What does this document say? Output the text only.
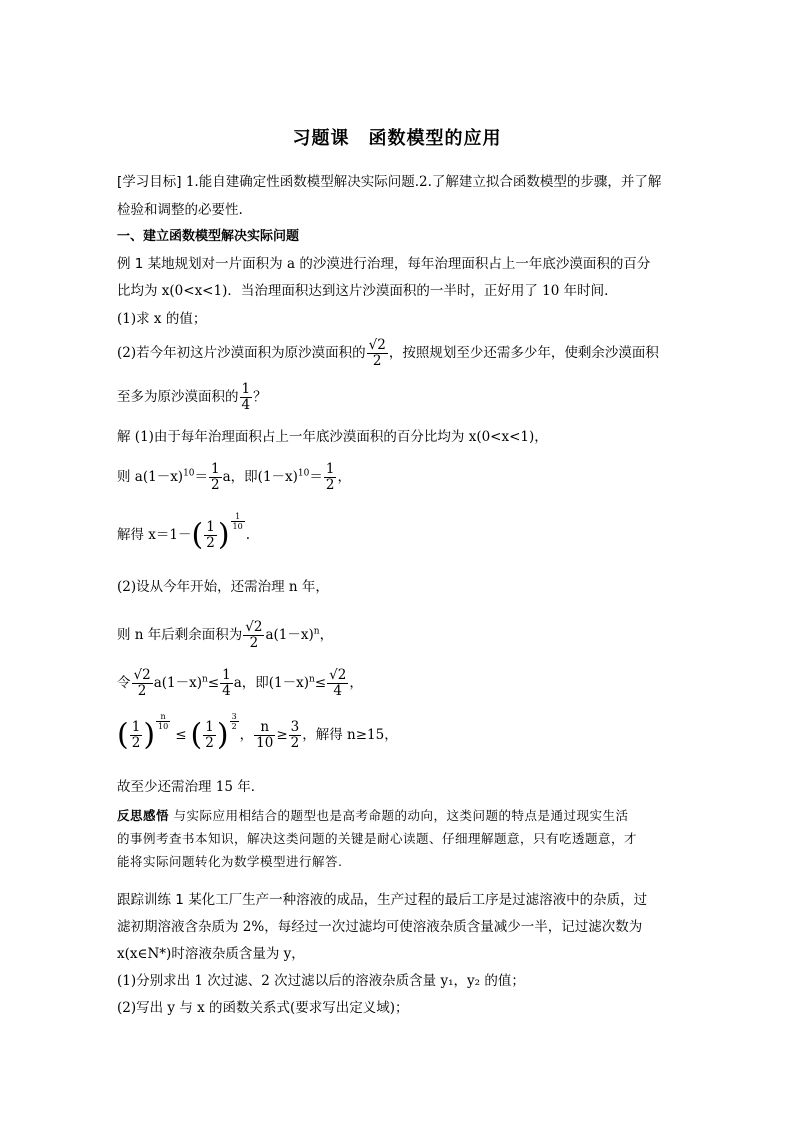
习题课　函数模型的应用
[学习目标] 1.能自建确定性函数模型解决实际问题.2.了解建立拟合函数模型的步骤，并了解
检验和调整的必要性.
一、建立函数模型解决实际问题
例 1 某地规划对一片面积为 a 的沙漠进行治理，每年治理面积占上一年底沙漠面积的百分
比均为 x(0<x<1)．当治理面积达到这片沙漠面积的一半时，正好用了 10 年时间.
(1)求 x 的值；
(2)若今年初这片沙漠面积为原沙漠面积的 $\frac{√2}{2}$ ，按照规划至少还需多少年，使剩余沙漠面积
至多为原沙漠面积的 $\frac{1}{4}$ ？
解 (1)由于每年治理面积占上一年底沙漠面积的百分比均为 x(0<x<1)，
则 $a(1-x)^{10}= \frac{1}{2}$ a，即$(1-x)^{10}= \frac{1}{2}$ ，
解得 $x=1-( \frac{1}{2}$ ) $^{\frac{1}{10}}$
.
(2)设从今年开始，还需治理 n 年，
则 n 年后剩余面积为 $\frac{√2}{2} a(1-x)^n$，
令 $\frac{√2}{2} a(1-x)^n\le \frac{1}{4}$ a，即$(1-x)^n\le \frac{√2}{4}$ ，
( $\frac{1}{2}$ ) $^{\frac{n}{10}}$
≤ ( $\frac{1}{2}$ ) $^{\frac{3}{2}}$
， $\frac{n}{10} \ge \frac{3}{2}$ ，解得 n≥15，
故至少还需治理 15 年．
反思感悟 与实际应用相结合的题型也是高考命题的动向，这类问题的特点是通过现实生活
的事例考查书本知识，解决这类问题的关键是耐心读题、仔细理解题意，只有吃透题意，才
能将实际问题转化为数学模型进行解答.
跟踪训练 1 某化工厂生产一种溶液的成品，生产过程的最后工序是过滤溶液中的杂质，过
滤初期溶液含杂质为 2%，每经过一次过滤均可使溶液杂质含量减少一半，记过滤次数为
x(x∈N*)时溶液杂质含量为 y，
(1)分别求出 1 次过滤、2 次过滤以后的溶液杂质含量 y₁，y₂ 的值；
(2)写出 y 与 x 的函数关系式(要求写出定义域)；
